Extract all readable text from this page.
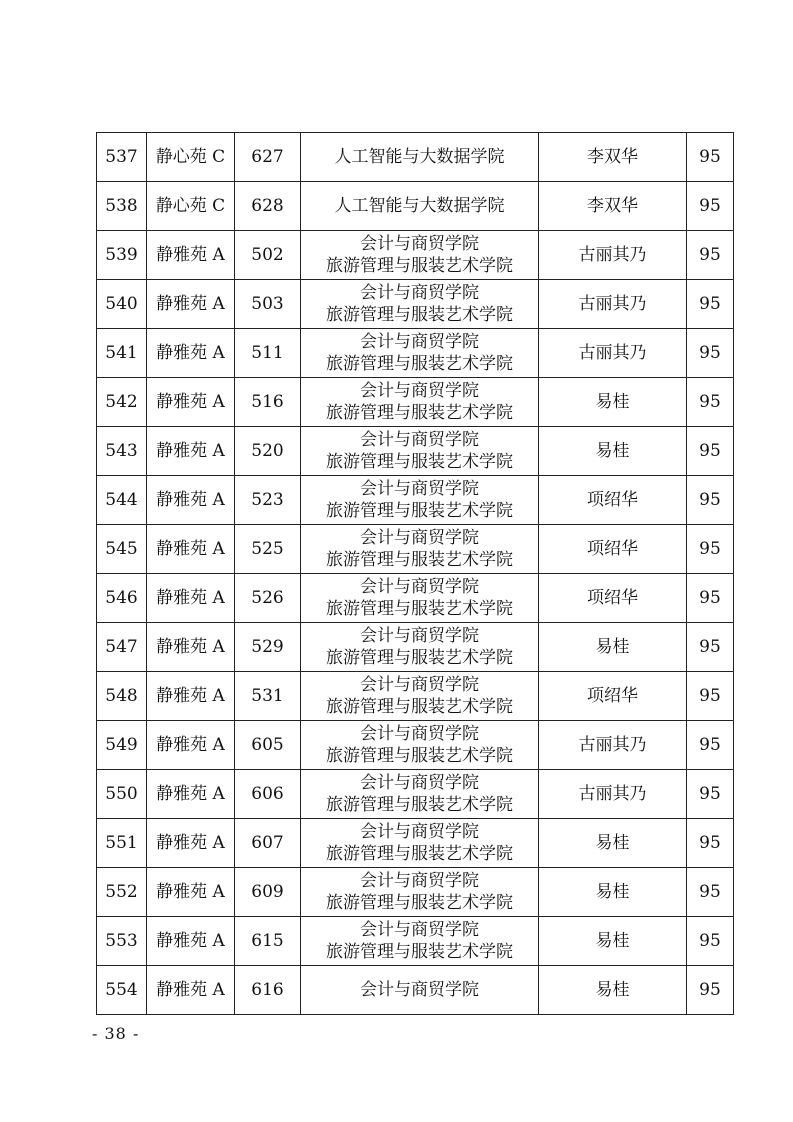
537	静心苑 C	627	人工智能与大数据学院	李双华	95
538	静心苑 C	628	人工智能与大数据学院	李双华	95
539	静雅苑 A	502	会计与商贸学院
旅游管理与服装艺术学院	古丽其乃	95
540	静雅苑 A	503	会计与商贸学院
旅游管理与服装艺术学院	古丽其乃	95
541	静雅苑 A	511	会计与商贸学院
旅游管理与服装艺术学院	古丽其乃	95
542	静雅苑 A	516	会计与商贸学院
旅游管理与服装艺术学院	易桂	95
543	静雅苑 A	520	会计与商贸学院
旅游管理与服装艺术学院	易桂	95
544	静雅苑 A	523	会计与商贸学院
旅游管理与服装艺术学院	项绍华	95
545	静雅苑 A	525	会计与商贸学院
旅游管理与服装艺术学院	项绍华	95
546	静雅苑 A	526	会计与商贸学院
旅游管理与服装艺术学院	项绍华	95
547	静雅苑 A	529	会计与商贸学院
旅游管理与服装艺术学院	易桂	95
548	静雅苑 A	531	会计与商贸学院
旅游管理与服装艺术学院	项绍华	95
549	静雅苑 A	605	会计与商贸学院
旅游管理与服装艺术学院	古丽其乃	95
550	静雅苑 A	606	会计与商贸学院
旅游管理与服装艺术学院	古丽其乃	95
551	静雅苑 A	607	会计与商贸学院
旅游管理与服装艺术学院	易桂	95
552	静雅苑 A	609	会计与商贸学院
旅游管理与服装艺术学院	易桂	95
553	静雅苑 A	615	会计与商贸学院
旅游管理与服装艺术学院	易桂	95
554	静雅苑 A	616	会计与商贸学院	易桂	95
- 38 -
